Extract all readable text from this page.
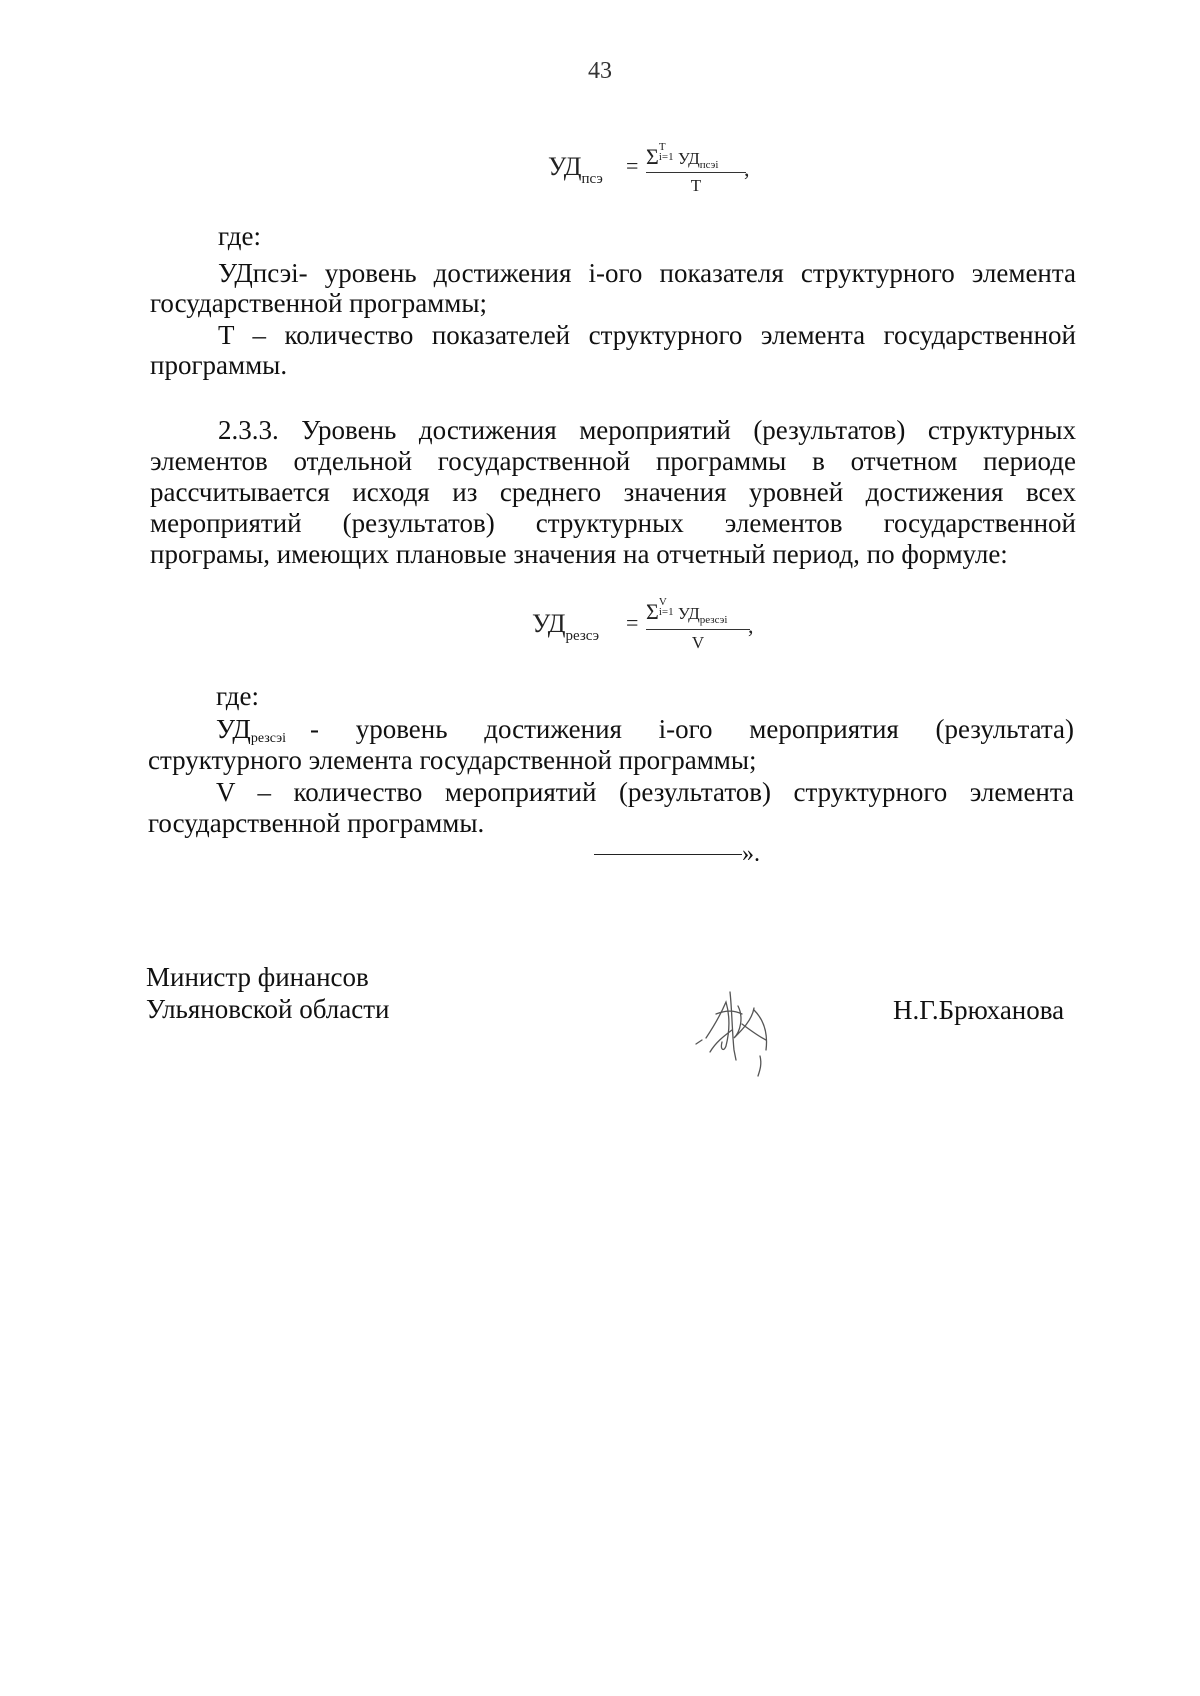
43
$УД_{псэ}$
= ΣT
i=1 $УД_{псэі}$
T
,
где:
УДпсэі- уровень достижения і-ого показателя структурного элемента
государственной программы;
T – количество показателей структурного элемента государственной
программы.
2.3.3. Уровень достижения мероприятий (результатов) структурных
элементов отдельной государственной программы в отчетном периоде
рассчитывается исходя из среднего значения уровней достижения всех
мероприятий (результатов) структурных элементов государственной
програмы, имеющих плановые значения на отчетный период, по формуле:
$УД_{резсэ}$
= ΣV
i=1 $УД_{резсэі}$
V
,
где:
$УД_{резсэі}$ - уровень достижения і-ого мероприятия (результата)
структурного элемента государственной программы;
V – количество мероприятий (результатов) структурного элемента
государственной программы.
».
Министр финансов
Ульяновской области	Н.Г.Брюханова
